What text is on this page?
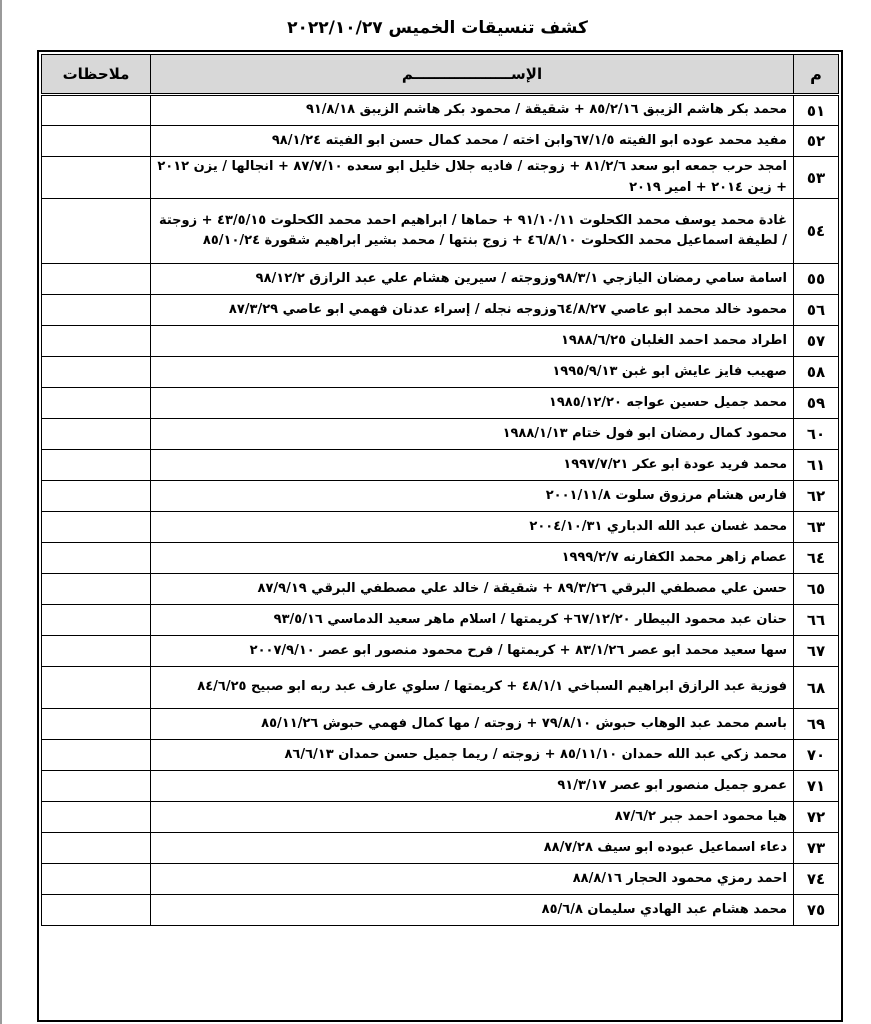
كشف تنسيقات الخميس ٢٠٢٢/١٠/٢٧
م	الإســـــــــــــــــــم	ملاحظات
٥١	محمد بكر هاشم الزيبق ٨٥/٢/١٦ + شقيقة / محمود بكر هاشم الزيبق ٩١/٨/١٨	
٥٢	مفيد محمد عوده ابو الفيته ٦٧/١/٥وابن اخته / محمد كمال حسن ابو الفيته ٩٨/١/٢٤	
٥٣	امجد حرب جمعه ابو سعد ٨١/٢/٦ + زوجته / فاديه جلال خليل ابو سعده ٨٧/٧/١٠ + انجالها / يزن ٢٠١٢ + زين ٢٠١٤ + امير ٢٠١٩	
٥٤	غادة محمد يوسف محمد الكحلوت ٩١/١٠/١١ + حماها / ابراهيم احمد محمد الكحلوت ٤٣/٥/١٥ + زوجتة / لطيفة اسماعيل محمد الكحلوت ٤٦/٨/١٠ + زوج بنتها / محمد بشير ابراهيم شقورة ٨٥/١٠/٢٤	
٥٥	اسامة سامي رمضان اليازجي ٩٨/٣/١وزوجته / سيرين هشام علي عبد الرازق ٩٨/١٢/٢	
٥٦	محمود خالد محمد ابو عاصي ٦٤/٨/٢٧وزوجه نجله / إسراء عدنان فهمي ابو عاصي ٨٧/٣/٢٩	
٥٧	اطراد محمد احمد الغلبان ١٩٨٨/٦/٢٥	
٥٨	صهيب فايز عايش ابو غبن ١٩٩٥/٩/١٣	
٥٩	محمد جميل حسين عواجه ١٩٨٥/١٢/٢٠	
٦٠	محمود كمال رمضان ابو فول ختام ١٩٨٨/١/١٣	
٦١	محمد فريد عودة ابو عكر ١٩٩٧/٧/٢١	
٦٢	فارس هشام مرزوق سلوت ٢٠٠١/١١/٨	
٦٣	محمد غسان عبد الله الدباري ٢٠٠٤/١٠/٣١	
٦٤	عصام زاهر محمد الكفارنه ١٩٩٩/٢/٧	
٦٥	حسن علي مصطفي البرقي ٨٩/٣/٢٦ + شقيقة / خالد علي مصطفي البرقي ٨٧/٩/١٩	
٦٦	حنان عبد محمود البيطار ٦٧/١٢/٢٠+ كريمتها / اسلام ماهر سعيد الدماسي ٩٣/٥/١٦	
٦٧	سها سعيد محمد ابو عصر ٨٣/١/٢٦ + كريمتها / فرح محمود منصور ابو عصر ٢٠٠٧/٩/١٠	
٦٨	فوزية عبد الرازق ابراهيم السباخي ٤٨/١/١ + كريمتها / سلوي عارف عبد ربه ابو صبيح ٨٤/٦/٢٥	
٦٩	باسم محمد عبد الوهاب حبوش ٧٩/٨/١٠ + زوجته / مها كمال فهمي حبوش ٨٥/١١/٢٦	
٧٠	محمد زكي عبد الله حمدان ٨٥/١١/١٠ + زوجته / ريما جميل حسن حمدان ٨٦/٦/١٣	
٧١	عمرو جميل منصور ابو عصر ٩١/٣/١٧	
٧٢	هيا محمود احمد جبر ٨٧/٦/٢	
٧٣	دعاء اسماعيل عبوده ابو سيف ٨٨/٧/٢٨	
٧٤	احمد رمزي محمود الحجار ٨٨/٨/١٦	
٧٥	محمد هشام عبد الهادي سليمان ٨٥/٦/٨	
